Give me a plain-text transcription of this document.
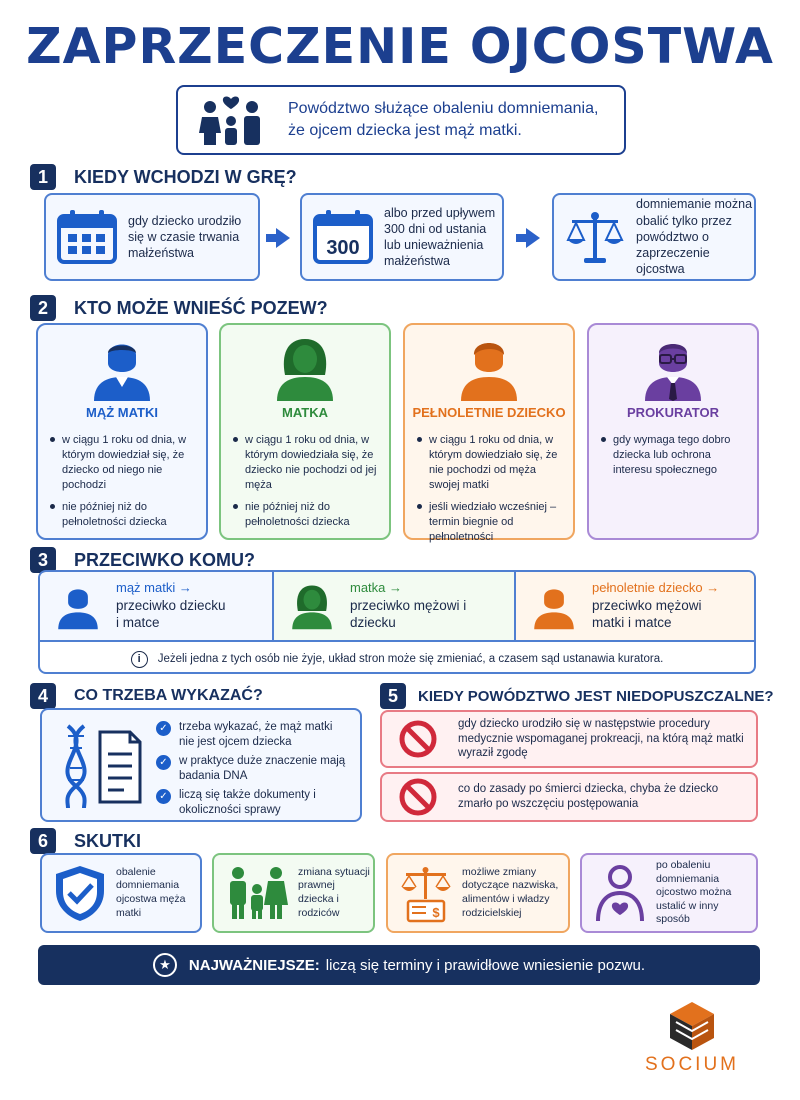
ZAPRZECZENIE OJCOSTWA
Powództwo służące obaleniu domniemania, że ojcem dziecka jest mąż matki.
1	KIEDY WCHODZI W GRĘ?
gdy dziecko urodziło się w czasie trwania małżeństwa	300
albo przed upływem 300 dni od ustania lub unieważnienia małżeństwa
domniemanie można obalić tylko przez powództwo o zaprzeczenie ojcostwa
2	KTO MOŻE WNIEŚĆ POZEW?
MĄŻ MATKI
w ciągu 1 roku od dnia, w którym dowiedział się, że dziecko od niego nie pochodzi
nie później niż do pełnoletności dziecka
MATKA
w ciągu 1 roku od dnia, w którym dowiedziała się, że dziecko nie pochodzi od jej męża
nie później niż do pełnoletności dziecka
PEŁNOLETNIE DZIECKO
w ciągu 1 roku od dnia, w którym dowiedziało się, że nie pochodzi od męża swojej matki
jeśli wiedziało wcześniej – termin biegnie od pełnoletności
PROKURATOR
gdy wymaga tego dobro dziecka lub ochrona interesu społecznego
3	PRZECIWKO KOMU?
mąż matki →
przeciwko dziecku i matce
matka →
przeciwko mężowi i dziecku
pełnoletnie dziecko →
przeciwko mężowi matki i matce
i	Jeżeli jedna z tych osób nie żyje, układ stron może się zmieniać, a czasem sąd ustanawia kuratora.
4	CO TRZEBA WYKAZAĆ?
✓ trzeba wykazać, że mąż matki nie jest ojcem dziecka
✓ w praktyce duże znaczenie mają badania DNA
✓ liczą się także dokumenty i okoliczności sprawy
5	KIEDY POWÓDZTWO JEST NIEDOPUSZCZALNE?
gdy dziecko urodziło się w następstwie procedury medycznie wspomaganej prokreacji, na którą mąż matki wyraził zgodę
co do zasady po śmierci dziecka, chyba że dziecko zmarło po wszczęciu postępowania
6	SKUTKI
obalenie domniemania ojcostwa męża matki
zmiana sytuacji prawnej dziecka i rodziców	$
możliwe zmiany dotyczące nazwiska, alimentów i władzy rodzicielskiej
po obaleniu domniemania ojcostwo można ustalić w inny sposób
★	NAJWAŻNIEJSZE: liczą się terminy i prawidłowe wniesienie pozwu.
SOCIUM
